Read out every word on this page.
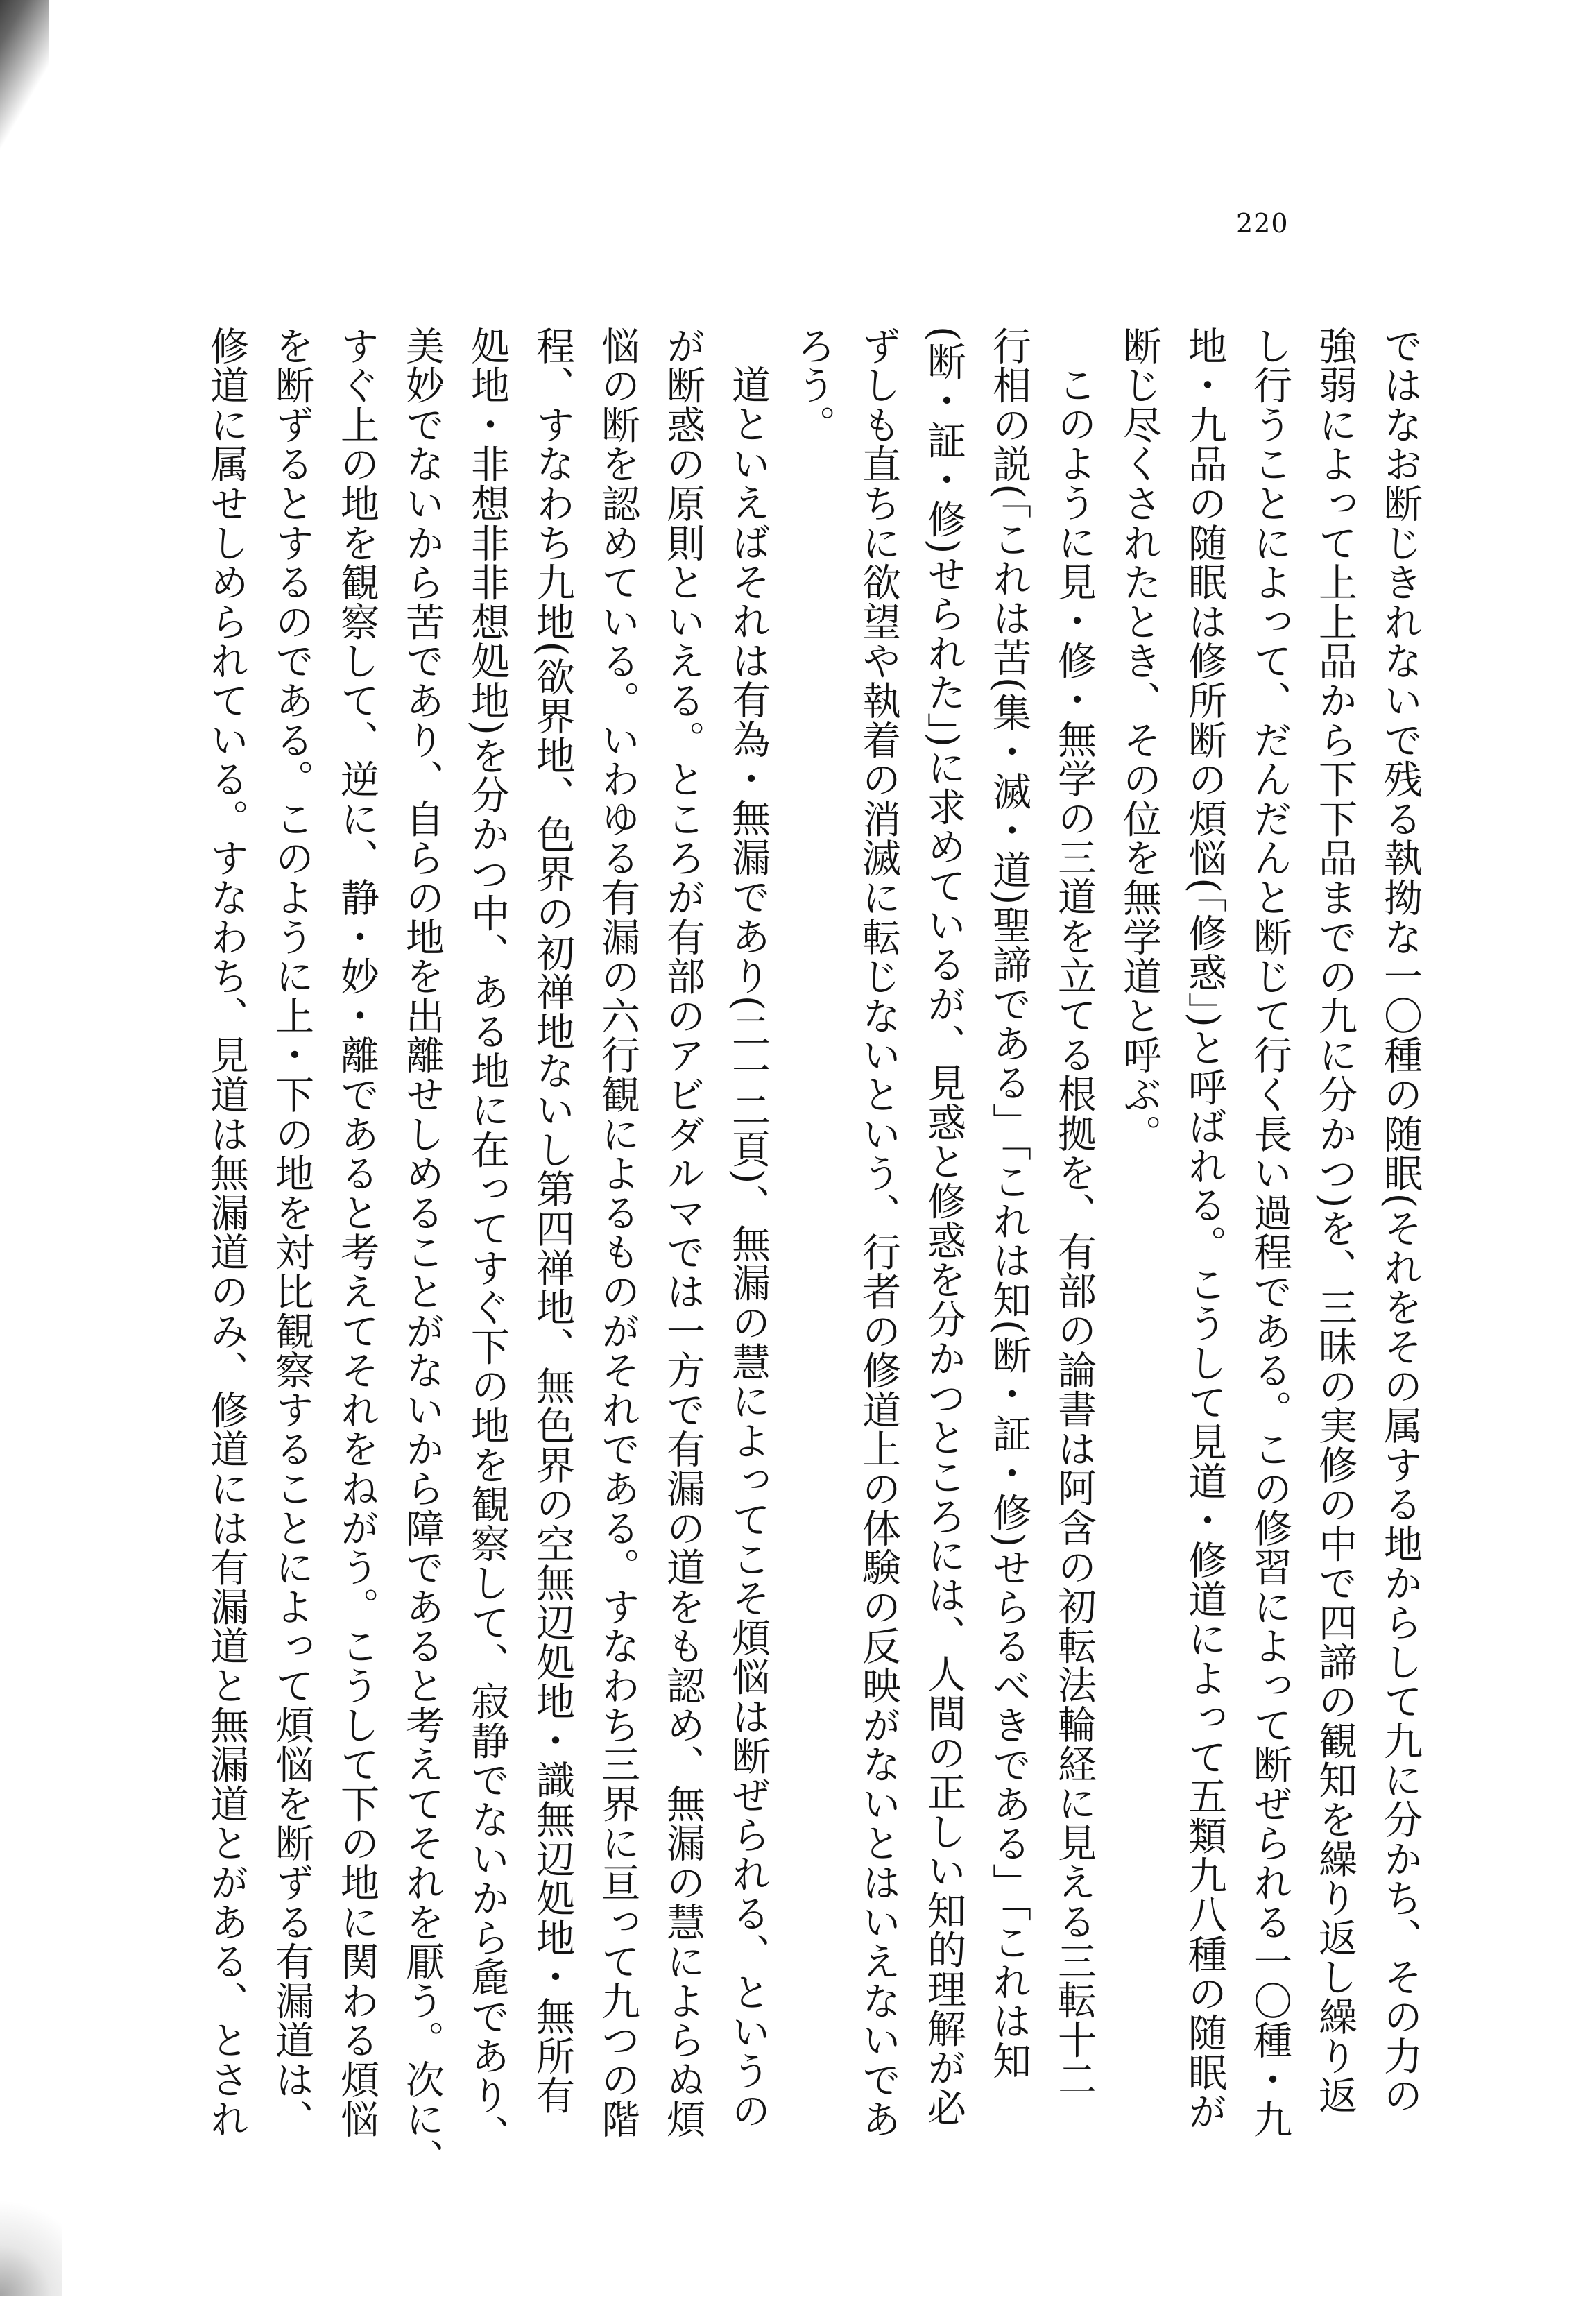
220
ではなお断じきれないで残る執拗な一〇種の随眠(それをその属する地からして九に分かち、その力の
強弱によって上上品から下下品までの九に分かつ)を、三昧の実修の中で四諦の観知を繰り返し繰り返
し行うことによって、だんだんと断じて行く長い過程である。この修習によって断ぜられる一〇種・九
地・九品の随眠は修所断の煩悩(「修惑」)と呼ばれる。こうして見道・修道によって五類九八種の随眠が
断じ尽くされたとき、その位を無学道と呼ぶ。
このように見・修・無学の三道を立てる根拠を、有部の論書は阿含の初転法輪経に見える三転十二
行相の説(「これは苦(集・滅・道)聖諦である」「これは知(断・証・修)せらるべきである」「これは知
(断・証・修)せられた」)に求めているが、見惑と修惑を分かつところには、人間の正しい知的理解が必
ずしも直ちに欲望や執着の消滅に転じないという、行者の修道上の体験の反映がないとはいえないであ
ろう。
道といえばそれは有為・無漏であり(二一二頁)、無漏の慧によってこそ煩悩は断ぜられる、というの
が断惑の原則といえる。ところが有部のアビダルマでは一方で有漏の道をも認め、無漏の慧によらぬ煩
悩の断を認めている。いわゆる有漏の六行観によるものがそれである。すなわち三界に亘って九つの階
程、すなわち九地(欲界地、色界の初禅地ないし第四禅地、無色界の空無辺処地・識無辺処地・無所有
処地・非想非非想処地)を分かつ中、ある地に在ってすぐ下の地を観察して、寂静でないから麁であり、
美妙でないから苦であり、自らの地を出離せしめることがないから障であると考えてそれを厭う。次に、
すぐ上の地を観察して、逆に、静・妙・離であると考えてそれをねがう。こうして下の地に関わる煩悩
を断ずるとするのである。このように上・下の地を対比観察することによって煩悩を断ずる有漏道は、
修道に属せしめられている。すなわち、見道は無漏道のみ、修道には有漏道と無漏道とがある、とされ
